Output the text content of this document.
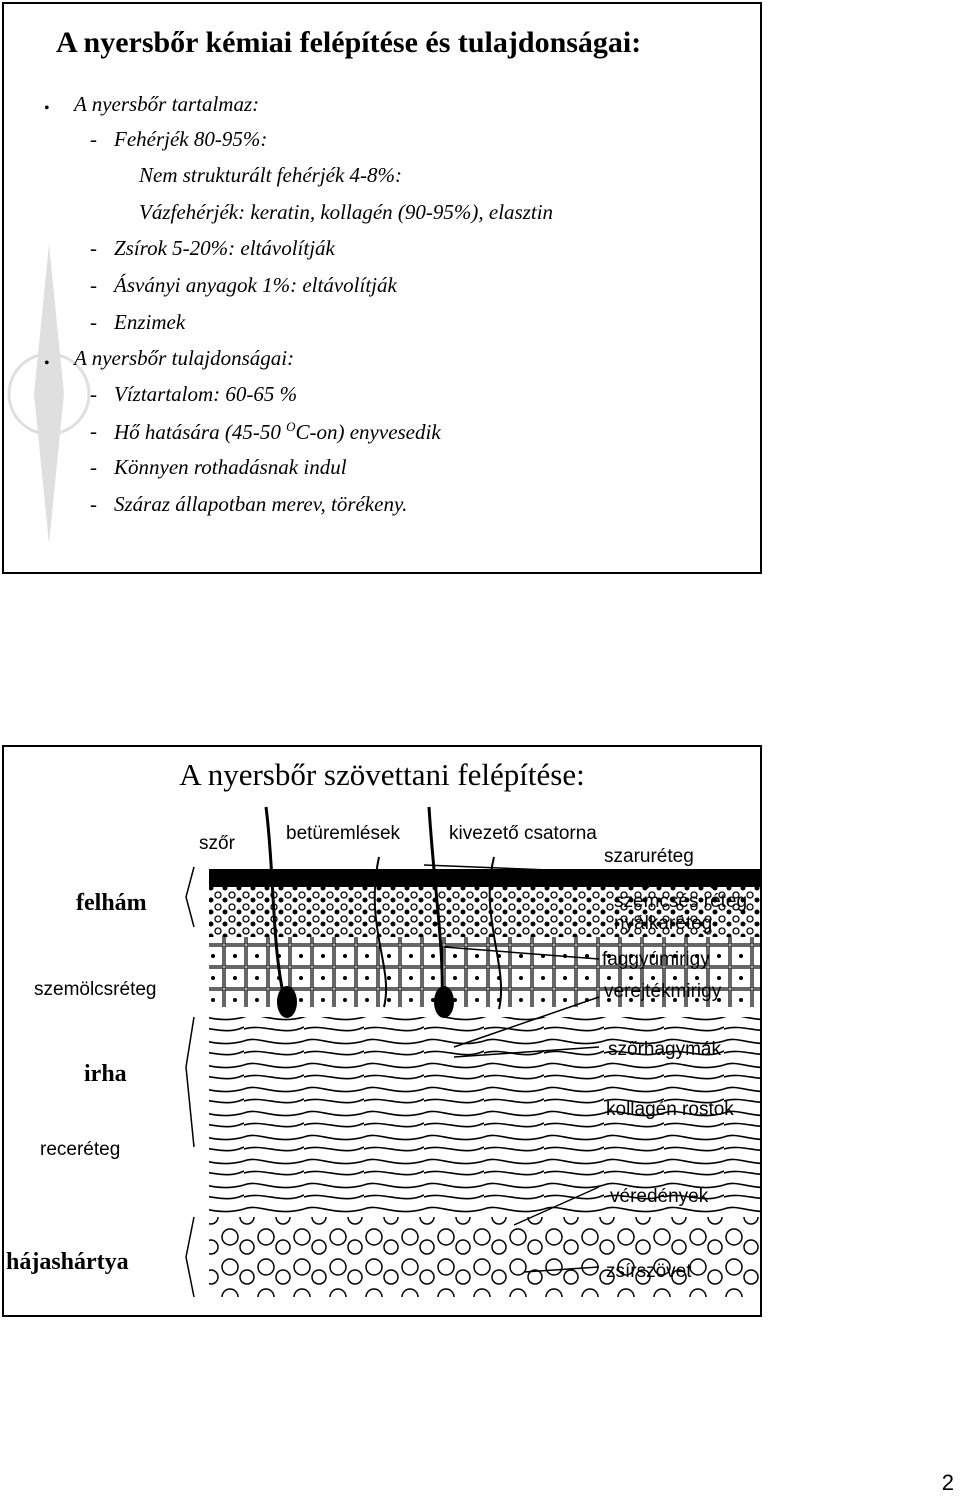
A nyersbőr kémiai felépítése és tulajdonságai:
• A nyersbőr tartalmaz:
- Fehérjék 80-95%:
Nem strukturált fehérjék 4-8%:
Vázfehérjék: keratin, kollagén (90-95%), elasztin
- Zsírok 5-20%: eltávolítják
- Ásványi anyagok 1%: eltávolítják
- Enzimek
• A nyersbőr tulajdonságai:
- Víztartalom: 60-65 %
- Hő hatására (45-50 $^O$C-on) enyvesedik
- Könnyen rothadásnak indul
- Száraz állapotban merev, törékeny.
A nyersbőr szövettani felépítése:
felhám
szemölcsréteg
irha
receréteg
hájashártya
szőr	betüremlések	kivezető csatorna
szaruréteg
világos réteg
szemcsés réteg
nyálkaréteg
faggyúmirigy
verejtékmirigy
szőrhagymák
kollagén rostok
véredények
zsírszövet
2
